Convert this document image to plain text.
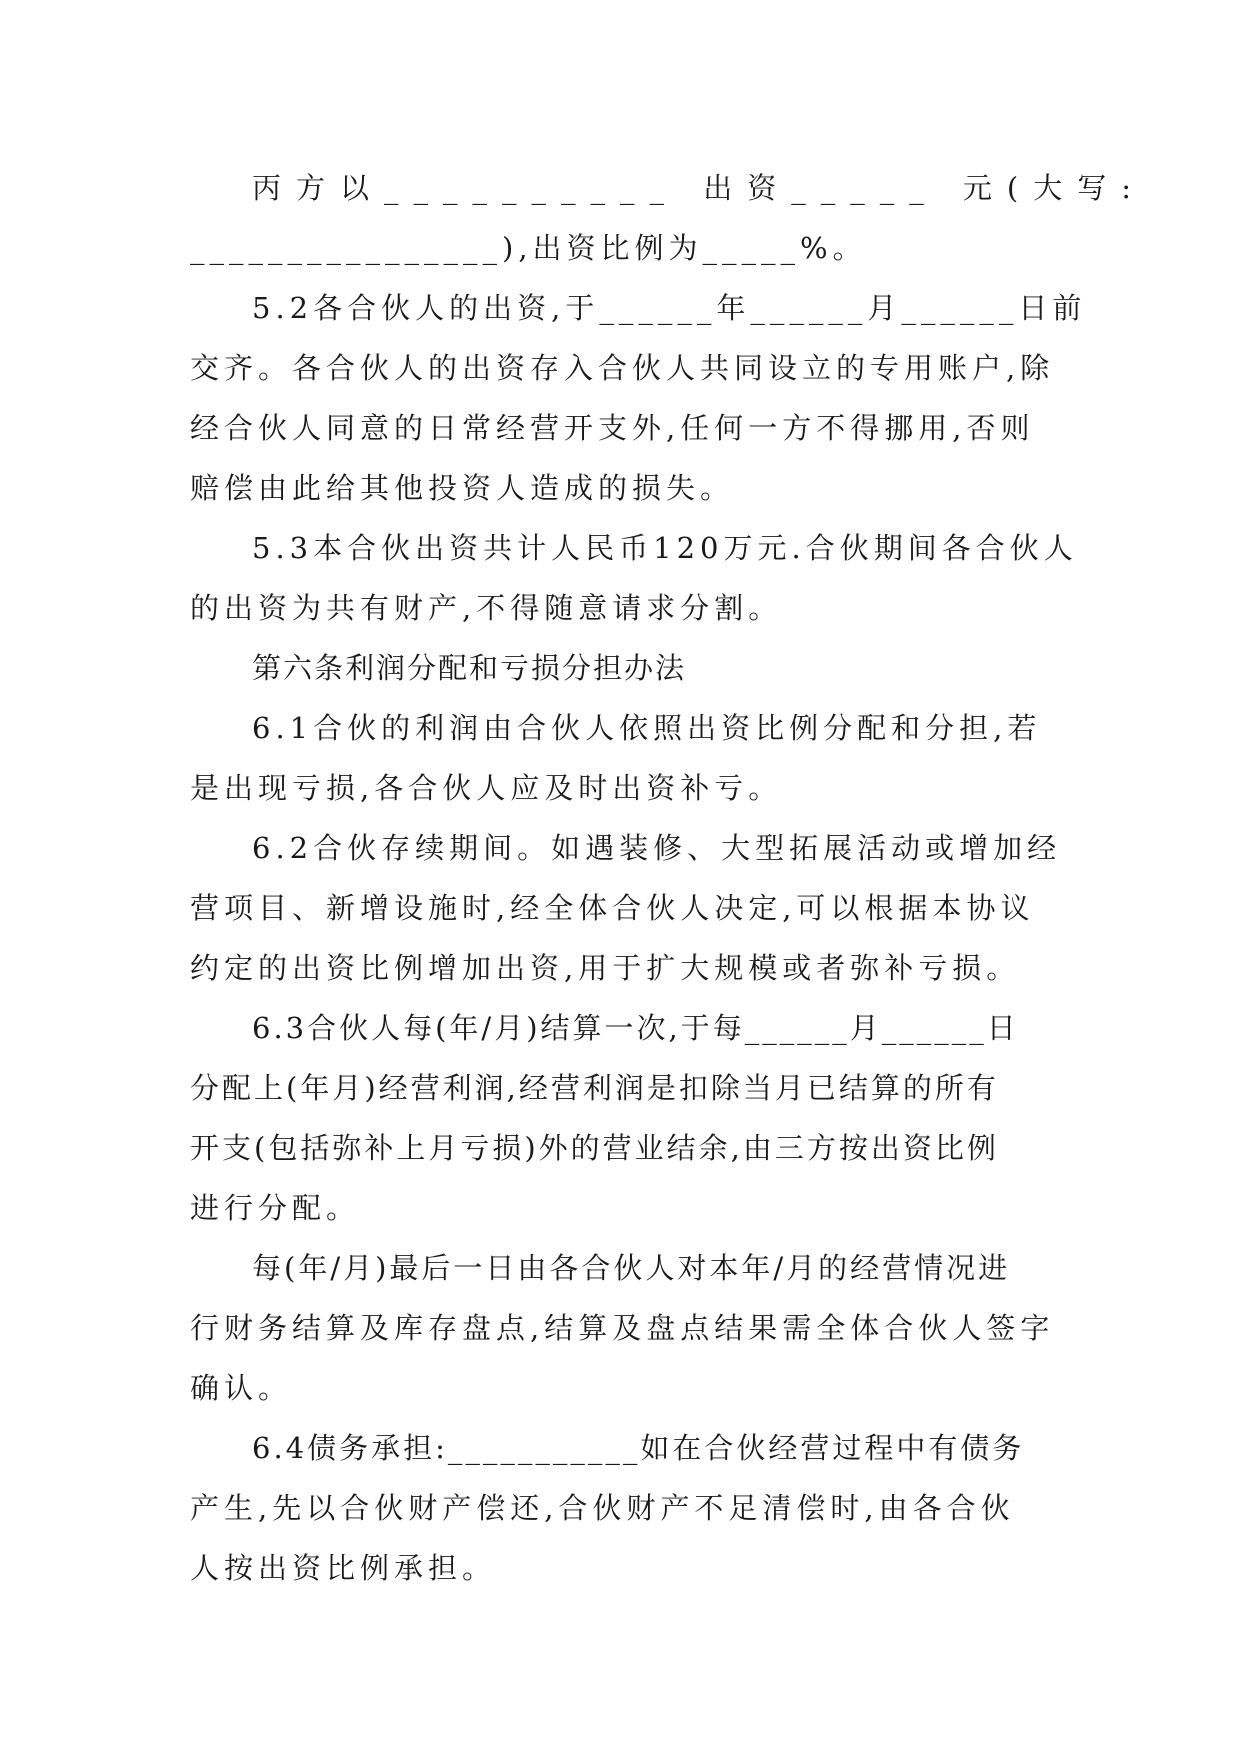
丙方以__________ 出资_____ 元(大写:
________________),出资比例为_____%。
5.2各合伙人的出资,于______年______月______日前
交齐。各合伙人的出资存入合伙人共同设立的专用账户,除
经合伙人同意的日常经营开支外,任何一方不得挪用,否则
赔偿由此给其他投资人造成的损失。
5.3本合伙出资共计人民币120万元.合伙期间各合伙人
的出资为共有财产,不得随意请求分割。
第六条利润分配和亏损分担办法
6.1合伙的利润由合伙人依照出资比例分配和分担,若
是出现亏损,各合伙人应及时出资补亏。
6.2合伙存续期间。如遇装修、大型拓展活动或增加经
营项目、新增设施时,经全体合伙人决定,可以根据本协议
约定的出资比例增加出资,用于扩大规模或者弥补亏损。
6.3合伙人每(年/月)结算一次,于每______月______日
分配上(年月)经营利润,经营利润是扣除当月已结算的所有
开支(包括弥补上月亏损)外的营业结余,由三方按出资比例
进行分配。
每(年/月)最后一日由各合伙人对本年/月的经营情况进
行财务结算及库存盘点,结算及盘点结果需全体合伙人签字
确认。
6.4债务承担:___________如在合伙经营过程中有债务
产生,先以合伙财产偿还,合伙财产不足清偿时,由各合伙
人按出资比例承担。
